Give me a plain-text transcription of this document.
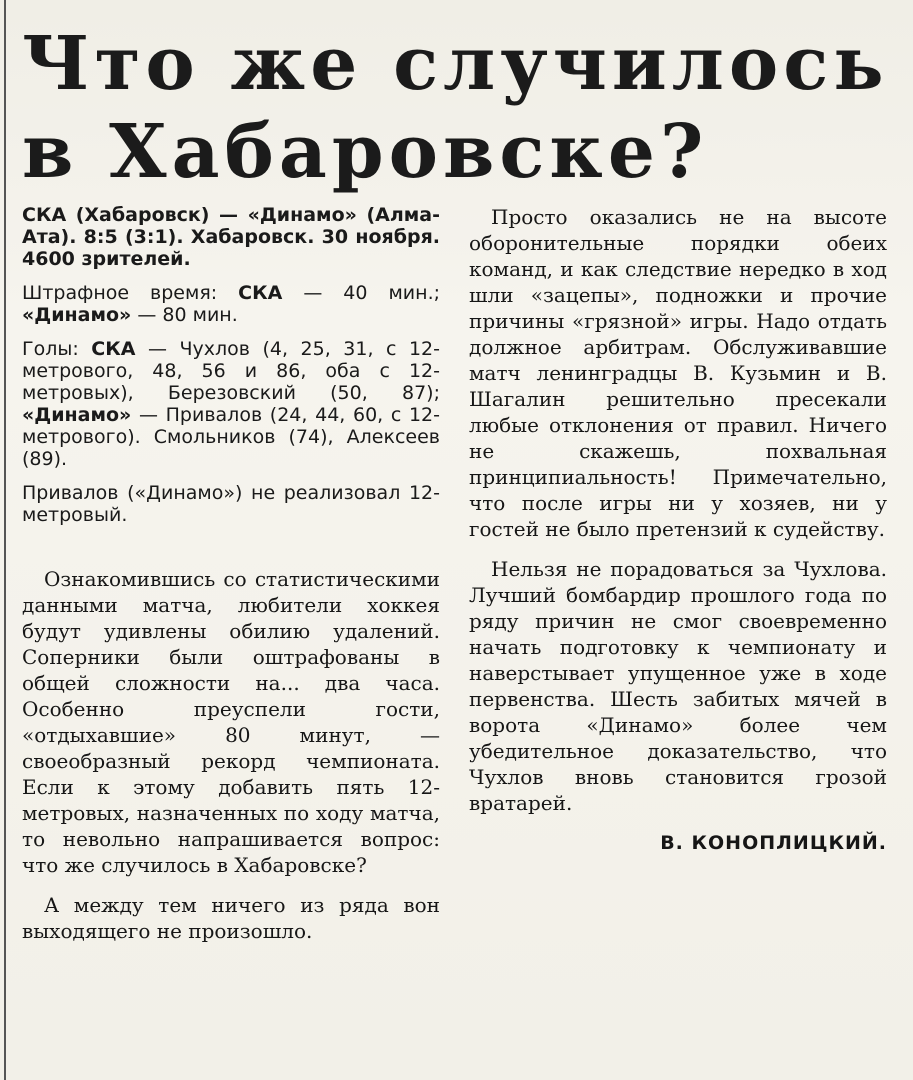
Что же случилось
в Хабаровске?

СКА (Хабаровск) — «Динамо» (Алма-Ата). 8:5 (3:1). Хабаровск. 30 ноября. 4600 зрителей.

Штрафное время: СКА — 40 мин.; «Динамо» — 80 мин.

Голы: СКА — Чухлов (4, 25, 31, с 12-метрового, 48, 56 и 86, оба с 12-метровых), Березовский (50, 87); «Динамо» — Привалов (24, 44, 60, с 12-метрового). Смольников (74), Алексеев (89).

Привалов («Динамо») не реализовал 12-метровый.

Ознакомившись со статистическими данными матча, любители хоккея будут удивлены обилию удалений. Соперники были оштрафованы в общей сложности на... два часа. Особенно преуспели гости, «отдыхавшие» 80 минут, — своеобразный рекорд чемпионата. Если к этому добавить пять 12-метровых, назначенных по ходу матча, то невольно напрашивается вопрос: что же случилось в Хабаровске?

А между тем ничего из ряда вон выходящего не произошло.

Просто оказались не на высоте оборонительные порядки обеих команд, и как следствие нередко в ход шли «зацепы», подножки и прочие причины «грязной» игры. Надо отдать должное арбитрам. Обслуживавшие матч ленинградцы В. Кузьмин и В. Шагалин решительно пресекали любые отклонения от правил. Ничего не скажешь, похвальная принципиальность! Примечательно, что после игры ни у хозяев, ни у гостей не было претензий к судейству.

Нельзя не порадоваться за Чухлова. Лучший бомбардир прошлого года по ряду причин не смог своевременно начать подготовку к чемпионату и наверстывает упущенное уже в ходе первенства. Шесть забитых мячей в ворота «Динамо» более чем убедительное доказательство, что Чухлов вновь становится грозой вратарей.

В. КОНОПЛИЦКИЙ.
